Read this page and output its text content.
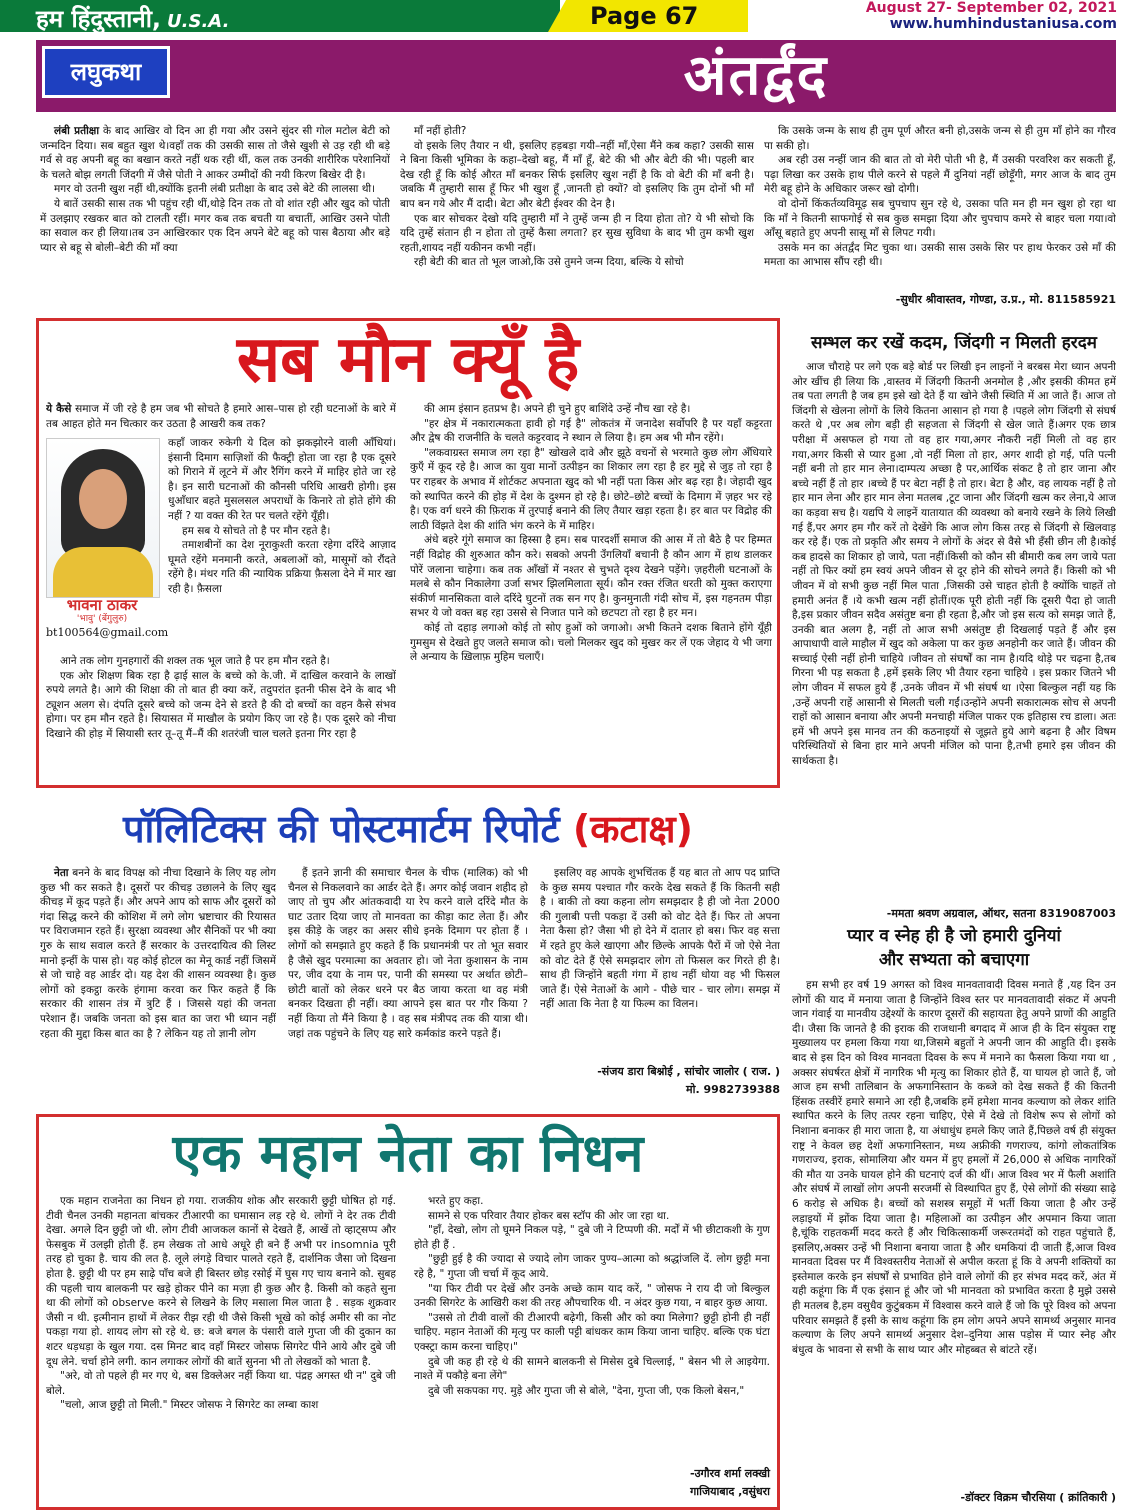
हम हिंदुस्तानी, U.S.A.	Page 67	August 27- September 02, 2021
www.humhindustaniusa.com
लघुकथा	अंतर्द्वंद

लंबी प्रतीक्षा के बाद आखिर वो दिन आ ही गया और उसने सुंदर सी गोल मटोल बेटी को जन्मदिन दिया। सब बहुत खुश थे।वहाँ तक की उसकी सास तो जैसे खुशी से उड़ रही थी बड़े गर्व से वह अपनी बहू का बखान करते नहीं थक रही थीं, कल तक उनकी शारीरिक परेशानियों के चलते बोझ लगती जिंदगी में जैसे पोती ने आकर उम्मीदों की नयी किरण बिखेर दी है।

मगर वो उतनी खुश नहीं थी,क्योंकि इतनी लंबी प्रतीक्षा के बाद उसे बेटे की लालसा थी।

ये बातें उसकी सास तक भी पहुंच रही थीं,थोड़े दिन तक तो वो शांत रही और खुद को पोती में उलझाए रखकर बात को टालती रहीं। मगर कब तक बचती या बचातीं, आखिर उसने पोती का सवाल कर ही लिया।तब उन आखिरकार एक दिन अपने बेटे बहू को पास बैठाया और बड़े प्यार से बहू से बोली–बेटी की माँ क्या

माँ नहीं होती?

वो इसके लिए तैयार न थी, इसलिए हड़बड़ा गयी–नहीं माँ,ऐसा मैंने कब कहा? उसकी सास ने बिना किसी भूमिका के कहा–देखो बहू, मैं माँ हूँ, बेटे की भी और बेटी की भी। पहली बार देख रही हूँ कि कोई औरत माँ बनकर सिर्फ इसलिए खुश नहीं है कि वो बेटी की माँ बनी है। जबकि मैं तुम्हारी सास हूँ फिर भी खुश हूँ ,जानती हो क्यों? वो इसलिए कि तुम दोनों भी माँ बाप बन गये और मैं दादी। बेटा और बेटी ईश्वर की देन है।

एक बार सोचकर देखो यदि तुम्हारी माँ ने तुम्हें जन्म ही न दिया होता तो? ये भी सोचो कि यदि तुम्हें संतान ही न होता तो तुम्हें कैसा लगता? हर सुख सुविधा के बाद भी तुम कभी खुश रहती,शायद नहीं यकीनन कभी नहीं।

रही बेटी की बात तो भूल जाओ,कि उसे तुमने जन्म दिया, बल्कि ये सोचो

कि उसके जन्म के साथ ही तुम पूर्ण औरत बनी हो,उसके जन्म से ही तुम माँ होने का गौरव पा सकी हो।

अब रही उस नन्हीं जान की बात तो वो मेरी पोती भी है, मैं उसकी परवरिश कर सकती हूँ, पढ़ा लिखा कर उसके हाथ पीले करने से पहले मैं दुनियां नहीं छोड़ूँगी, मगर आज के बाद तुम मेरी बहू होने के अधिकार जरूर खो दोगी।

वो दोनों किंकर्तव्यविमूढ़ सब चुपचाप सुन रहे थे, उसका पति मन ही मन खुश हो रहा था कि माँ ने कितनी साफगोई से सब कुछ समझा दिया और चुपचाप कमरे से बाहर चला गया।वो आँसू बहाते हुए अपनी सासू माँ से लिपट गयी।

उसके मन का अंतर्द्वंद मिट चुका था। उसकी सास उसके सिर पर हाथ फेरकर उसे माँ की ममता का आभास सौंप रही थी।

-सुधीर श्रीवास्तव, गोण्डा, उ.प्र., मो. 811585921
सब मौन क्यूँ है

ये कैसे समाज में जी रहे है हम जब भी सोचते है हमारे आस–पास हो रही घटनाओं के बारे में तब आहत होते मन चित्कार कर उठता है आखरी कब तक?

भावना ठाकर
'भावु' (बेंगुलुरु)
bt100564@gmail.com

कहाँ जाकर रुकेगी ये दिल को झकझोरने वाली आँधियां। इंसानी दिमाग साज़िशों की फैक्ट्री होता जा रहा है एक दूसरे को गिराने में लूटने में और रैगिंग करने में माहिर होते जा रहे है। इन सारी घटनाओं की कौनसी परिधि आखरी होगी। इस धुआँधार बहते मुसलसल अपराधों के किनारे तो होते होंगे की नहीं ? या वक्त की रेत पर चलते रहेंगे यूँही।

हम सब ये सोचते तो है पर मौन रहते है।

तमाशबीनों का देश नूराकुश्ती करता रहेगा दरिंदे आज़ाद घूमते रहेंगे मनमानी करते, अबलाओं को, मासूमों को रौंदते रहेंगे है। मंथर गति की न्यायिक प्रक्रिया फ़ैसला देने में मार खा रही है। फ़ैसला

आने तक लोग गुनहगारों की शक्ल तक भूल जाते है पर हम मौन रहते है।

एक ओर शिक्षण बिक रहा है ढ़ाई साल के बच्चे को के.जी. में दाखिल करवाने के लाखों रुपये लगते है। आगे की शिक्षा की तो बात ही क्या करें, तदुपरांत इतनी फीस देने के बाद भी ट्यूशन अलग से। दंपति दूसरे बच्चे को जन्म देने से डरते है की दो बच्चों का वहन कैसे संभव होगा। पर हम मौन रहते है। सियासत में माखौल के प्रयोग किए जा रहे है। एक दूसरे को नीचा दिखाने की होड़ में सियासी स्तर तू–तू मैं–मैं की शतरंजी चाल चलते इतना गिर रहा है

की आम इंसान हतप्रभ है। अपने ही चुने हुए बाशिंदे उन्हें नौच खा रहे है।

"हर क्षेत्र में नकारात्मकता हावी हो गई है" लोकतंत्र में जनादेश सर्वोपरि है पर यहाँ कट्टरता और द्वेष की राजनीति के चलते कट्टरवाद ने स्थान ले लिया है। हम अब भी मौन रहेंगे।

"लकवाग्रस्त समाज लग रहा है" खोखले दावे और झूठे वचनों से भरमाते कुछ लोग अँधियारे कुएँ में कूद रहे है। आज का युवा मानों उत्पीड़न का शिकार लग रहा है हर मुद्दे से जुड़ तो रहा है पर राहबर के अभाव में शोर्टकट अपनाता खुद को भी नहीं पता किस ओर बढ़ रहा है। जेहादी खुद को स्थापित करने की होड़ में देश के दुश्मन हो रहे है। छोटे–छोटे बच्चों के दिमाग में ज़हर भर रहे है। एक वर्ग धरने की फ़िराक में तुरपाई बनाने की लिए तैयार खड़ा रहता है। हर बात पर विद्रोह की लाठी विंझते देश की शांति भंग करने के में माहिर।

अंधे बहरे गूंगे समाज का हिस्सा है हम। सब पारदर्शी समाज की आस में तो बैठे है पर हिम्मत नहीं विद्रोह की शुरुआत कौन करे। सबको अपनी उँगलियाँ बचानी है कौन आग में हाथ डालकर पोरें जलाना चाहेगा। कब तक आँखों में नश्तर से चुभते दृश्य देखने पड़ेंगे। ज़हरीली घटनाओं के मलबे से कौन निकालेगा उर्जा सभर झिलमिलाता सूर्य। कौन रक्त रंजित धरती को मुक्त कराएगा संकीर्ण मानसिकता वाले दरिंदे घुटनों तक सन गए है। कुनमुनाती गंदी सोच में, इस गहनतम पीड़ा सभर ये जो वक्त बह रहा उससे से निजात पाने को छटपटा तो रहा है हर मन।

कोई तो दहाड़ लगाओ कोई तो सोए हुओं को जगाओ। अभी कितने दशक बिताने होंगे यूँही गुमसुम से देखते हुए जलते समाज को। चलो मिलकर खुद को मुखर कर लें एक जेहाद ये भी जगा ले अन्याय के ख़िलाफ़ मुहिम चलाएँ।

पॉलिटिक्स की पोस्टमार्टम रिपोर्ट (कटाक्ष)

नेता बनने के बाद विपक्ष को नीचा दिखाने के लिए यह लोग कुछ भी कर सकते है। दूसरों पर कीचड़ उछालने के लिए खुद कीचड़ में कूद पड़ते हैं। और अपने आप को साफ और दूसरों को गंदा सिद्ध करने की कोशिश में लगे लोग भ्रष्टाचार की रियासत पर विराजमान रहते हैं। सुरक्षा व्यवस्था और सैनिकों पर भी क्या गुरु के साथ सवाल करते हैं सरकार के उत्तरदायित्व की लिस्ट मानो इन्हीं के पास हो। यह कोई होटल का मेनू कार्ड नहीं जिसमें से जो चाहे वह आर्डर दो। यह देश की शासन व्यवस्था है। कुछ लोगों को इकट्ठा करके हंगामा करवा कर फिर कहते हैं कि सरकार की शासन तंत्र में त्रुटि हैं । जिससे यहां की जनता परेशान हैं। जबकि जनता को इस बात का जरा भी ध्यान नहीं रहता की मुद्दा किस बात का है ? लेकिन यह तो ज्ञानी लोग

हैं इतने ज्ञानी की समाचार चैनल के चीफ (मालिक) को भी चैनल से निकलवाने का आर्डर देते हैं। अगर कोई जवान शहीद हो जाए तो चुप और आंतकवादी या रेप करने वाले दरिंदे मौत के घाट उतार दिया जाए तो मानवता का कीड़ा काट लेता हैं। और इस कीड़े के जहर का असर सीधे इनके दिमाग पर होता हैं । लोगों को समझाते हुए कहते हैं कि प्रधानमंत्री पर तो भूत सवार है जैसे खुद परमात्मा का अवतार हो। जो नेता कुशासन के नाम पर, जीव दया के नाम पर, पानी की समस्या पर अर्थात छोटी–छोटी बातों को लेकर धरने पर बैठ जाया करता था वह मंत्री बनकर दिखता ही नहीं। क्या आपने इस बात पर गौर किया ? नहीं किया तो मैंने किया है । वह सब मंत्रीपद तक की यात्रा थी। जहां तक पहुंचने के लिए यह सारे कर्मकांड करने पड़ते हैं।

इसलिए वह आपके शुभचिंतक हैं यह बात तो आप पद प्राप्ति के कुछ समय पश्चात गौर करके देख सकते हैं कि कितनी सही है । बाकी तो क्या कहना लोग समझदार है ही जो नेता 2000 की गुलाबी पत्ती पकड़ा दें उसी को वोट देते हैं। फिर तो अपना नेता कैसा हो? जैसा भी हो देने में दातार हो बस। फिर वह सत्ता में रहते हुए केले खाएगा और छिल्के आपके पैरों में जो ऐसे नेता को वोट देते हैं ऐसे समझदार लोग तो फिसल कर गिरते ही है। साथ ही जिन्होंने बहती गंगा में हाथ नहीं धोया वह भी फिसल जाते हैं। ऐसे नेताओं के आगे - पीछे चार - चार लोग। समझ में नहीं आता कि नेता है या फिल्म का विलन।

-संजय डारा बिश्नोई , सांचोर जालोर ( राज. )
मो. 9982739388
एक महान नेता का निधन

एक महान राजनेता का निधन हो गया. राजकीय शोक और सरकारी छुट्टी घोषित हो गई. टीवी चैनल उनकी महानता बांचकर टीआरपी का घमासान लड़ रहे थे. लोगों ने देर तक टीवी देखा. अगले दिन छुट्टी जो थी. लोग टीवी आजकल कानों से देखते हैं, आखें तो व्हाट्सप्प और फेसबुक में उलझी होती हैं. हम लेखक तो आधे अधूरे ही बने हैं अभी पर insomnia पूरी तरह हो चुका है. चाय की लत है. लूले लंगड़े विचार पालते रहते हैं, दार्शनिक जैसा जो दिखना होता है. छुट्टी थी पर हम साढ़े पाँच बजे ही बिस्तर छोड़ रसोई में घुस गए चाय बनाने को. सुबह की पहली चाय बालकनी पर खड़े होकर पीने का मज़ा ही कुछ और है. किसी को कहते सुना था की लोगों को observe करने से लिखने के लिए मसाला मिल जाता है . सड़क शुक्रवार जैसी न थी. इत्मीनान हाथों में लेकर रीझ रही थी जैसे किसी भूखे को कोई अमीर सी का नोट पकड़ा गया हो. शायद लोग सो रहे थे. छ: बजे बगल के पंसारी वाले गुप्ता जी की दुकान का शटर धड़धड़ा के खुल गया. दस मिनट बाद वहाँ मिस्टर जोसफ सिगरेट पीने आये और दुबे जी दूध लेने. चर्चा होने लगी. कान लगाकर लोगों की बातें सुनना भी तो लेखकों को भाता है.

"अरे, वो तो पहले ही मर गए थे, बस डिक्लेअर नहीं किया था. पंद्रह अगस्त थी न" दुबे जी बोले.

"चलो, आज छुट्टी तो मिली." मिस्टर जोसफ ने सिगरेट का लम्बा काश

भरते हुए कहा.

सामने से एक परिवार तैयार होकर बस स्टॉप की ओर जा रहा था.

"हाँ, देखो, लोग तो घूमने निकल पड़े, " दुबे जी ने टिप्पणी की. मर्दों में भी छीटाकशी के गुण होते ही हैं .

"छुट्टी हुई है की ज्यादा से ज्यादे लोग जाकर पुण्य–आत्मा को श्रद्धांजलि दें. लोग छुट्टी मना रहे है, " गुप्ता जी चर्चा में कूद आये.

"या फिर टीवी पर देखें और उनके अच्छे काम याद करें, " जोसफ ने राय दी जो बिल्कुल उनकी सिगरेट के आखिरी कश की तरह औपचारिक थी. न अंदर कुछ गया, न बाहर कुछ आया.

"उससे तो टीवी वालों की टीआरपी बढ़ेगी, किसी और को क्या मिलेगा? छुट्टी होनी ही नहीं चाहिए. महान नेताओं की मृत्यु पर काली पट्टी बांधकर काम किया जाना चाहिए. बल्कि एक घंटा एक्स्ट्रा काम करना चाहिए।"

दुबे जी कह ही रहे थे की सामने बालकनी से मिसेस दुबे चिल्लाई, " बेसन भी ले आइयेगा. नाश्ते में पकौड़े बना लेंगे"

दुबे जी सकपका गए. मुड़े और गुप्ता जी से बोले, "देना, गुप्ता जी, एक किलो बेसन,"

-उगौरव शर्मा लक्खी
गाजियाबाद ,वसुंधरा
सम्भल कर रखें कदम, जिंदगी न मिलती हरदम

आज चौराहे पर लगे एक बड़े बोर्ड पर लिखी इन लाइनों ने बरबस मेरा ध्यान अपनी ओर खींच ही लिया कि ,वास्तव में जिंदगी कितनी अनमोल है ,और इसकी कीमत हमें तब पता लगती है जब हम इसे खो देते हैं या खोने जैसी स्थिति में आ जाते हैं। आज तो जिंदगी से खेलना लोगों के लिये कितना आसान हो गया है ।पहले लोग जिंदगी से संघर्ष करते थे ,पर अब लोग बड़ी ही सहजता से जिंदगी से खेल जाते हैं।अगर एक छात्र परीक्षा में असफल हो गया तो वह हार गया,अगर नौकरी नहीं मिली तो वह हार गया,अगर किसी से प्यार हुआ ,वो नहीं मिला तो हार, अगर शादी हो गई, पति पत्नी नहीं बनी तो हार मान लेना।दाम्पत्य अच्छा है पर,आर्थिक संकट है तो हार जाना और बच्चे नहीं हैं तो हार ।बच्चे हैं पर बेटा नहीं है तो हार। बेटा है और, वह लायक नहीं है तो हार मान लेना और हार मान लेना मतलब ,टूट जाना और जिंदगी खत्म कर लेना,ये आज का कड़वा सच है। यद्यपि ये लाइनें यातायात की व्यवस्था को बनाये रखने के लिये लिखी गई हैं,पर अगर हम गौर करें तो देखेंगे कि आज लोग किस तरह से जिंदगी से खिलवाड़ कर रहे हैं। एक तो प्रकृति और समय ने लोगों के अंदर से वैसे भी हँसी छीन ली है।कोई कब हादसे का शिकार हो जाये, पता नहीं।किसी को कौन सी बीमारी कब लग जाये पता नहीं तो फिर क्यों हम स्वयं अपने जीवन से दूर होने की सोचने लगते हैं। किसी को भी जीवन में वो सभी कुछ नहीं मिल पाता ,जिसकी उसे चाहत होती है क्योंकि चाहतें तो हमारी अनंत हैं ।ये कभी खत्म नहीं होतीं।एक पूरी होती नहीं कि दूसरी पैदा हो जाती है,इस प्रकार जीवन सदैव असंतुष्ट बना ही रहता है,और जो इस सत्य को समझ जाते हैं, उनकी बात अलग है, नहीं तो आज सभी असंतुष्ट ही दिखलाई पड़ते हैं और इस आपाधापी वाले माहौल में खुद को अकेला पा कर कुछ अनहोनी कर जाते हैं। जीवन की सच्चाई ऐसी नहीं होनी चाहिये ।जीवन तो संघर्षों का नाम है।यदि थोड़े पर चढ़ना है,तब गिरना भी पड़ सकता है ,हमें इसके लिए भी तैयार रहना चाहिये । इस प्रकार जितने भी लोग जीवन में सफल हुये हैं ,उनके जीवन में भी संघर्ष था ।ऐसा बिल्कुल नहीं यह कि ,उन्हें अपनी राहें आसानी से मिलती चली गईं।उन्होंने अपनी सकारात्मक सोच से अपनी राहों को आसान बनाया और अपनी मनचाही मंजिल पाकर एक इतिहास रच डाला। अतः हमें भी अपने इस मानव तन की कठनाइयों से जूझते हुये आगे बढ़ना है और विषम परिस्थितियों से बिना हार माने अपनी मंजिल को पाना है,तभी हमारे इस जीवन की सार्थकता है।

-ममता श्रवण अग्रवाल, ऑथर, सतना 8319087003
प्यार व स्नेह ही है जो हमारी दुनियां
और सभ्यता को बचाएगा

हम सभी हर वर्ष 19 अगस्त को विश्व मानवतावादी दिवस मनाते हैं ,यह दिन उन लोगों की याद में मनाया जाता है जिन्होंने विश्व स्तर पर मानवतावादी संकट में अपनी जान गंवाई या मानवीय उद्देश्यों के कारण दूसरों की सहायता हेतु अपने प्राणों की आहुति दी। जैसा कि जानते है की इराक की राजधानी बगदाद में आज ही के दिन संयुक्त राष्ट्र मुख्यालय पर हमला किया गया था,जिसमे बहुतों ने अपनी जान की आहुति दी। इसके बाद से इस दिन को विश्व मानवता दिवस के रूप में मनाने का फैसला किया गया था , अक्सर संघर्षरत क्षेत्रों में नागरिक भी मृत्यु का शिकार होते हैं, या घायल हो जाते हैं, जो आज हम सभी तालिबान के अफगानिस्तान के कब्जे को देख सकते हैं की कितनी हिंसक तस्वीरें हमारे समाने आ रही है,जबकि हमें हमेशा मानव कल्याण को लेकर शांति स्थापित करने के लिए तत्पर रहना चाहिए, ऐसे में देखे तो विशेष रूप से लोगों को निशाना बनाकर ही मारा जाता है, या अंधाधुंध हमले किए जाते हैं,पिछले वर्ष ही संयुक्त राष्ट्र ने केवल छह देशों अफगानिस्तान, मध्य अफ्रीकी गणराज्य, कांगो लोकतांत्रिक गणराज्य, इराक, सोमालिया और यमन में हुए हमलों में 26,000 से अधिक नागरिकों की मौत या उनके घायल होने की घटनाएं दर्ज की थीं। आज विश्व भर में फैली अशांति और संघर्ष में लाखों लोग अपनी सरजमीं से विस्थापित हुए हैं, ऐसे लोगों की संख्या साढ़े 6 करोड़ से अधिक है। बच्चों को सशस्त्र समूहों में भर्ती किया जाता है और उन्हें लड़ाइयों में झोंक दिया जाता है। महिलाओं का उत्पीड़न और अपमान किया जाता है,चूंकि राहतकर्मी मदद करते हैं और चिकित्साकर्मी जरूरतमंदों को राहत पहुंचाते हैं, इसलिए,अक्सर उन्हें भी निशाना बनाया जाता है और धमकियां दी जाती हैं,आज विश्व मानवता दिवस पर मैं विश्वस्तरीय नेताओं से अपील करता हूं कि वे अपनी शक्तियों का इस्तेमाल करके इन संघर्षों से प्रभावित होने वाले लोगों की हर संभव मदद करें, अंत में यही कहूंगा कि मैं एक इंसान हूं और जो भी मानवता को प्रभावित करता है मुझे उससे ही मतलब है,हम वसुधैव कुटुंबकम में विश्वास करने वाले हैं जो कि पूरे विश्व को अपना परिवार समझते हैं इसी के साथ कहूंगा कि हम लोग अपने अपने सामर्थ्य अनुसार मानव कल्याण के लिए अपने सामर्थ्य अनुसार देश–दुनिया आस पड़ोस में प्यार स्नेह और बंधुत्व के भावना से सभी के साथ प्यार और मोहब्बत से बांटते रहें।

-डॉक्टर विक्रम चौरसिया ( क्रांतिकारी )
